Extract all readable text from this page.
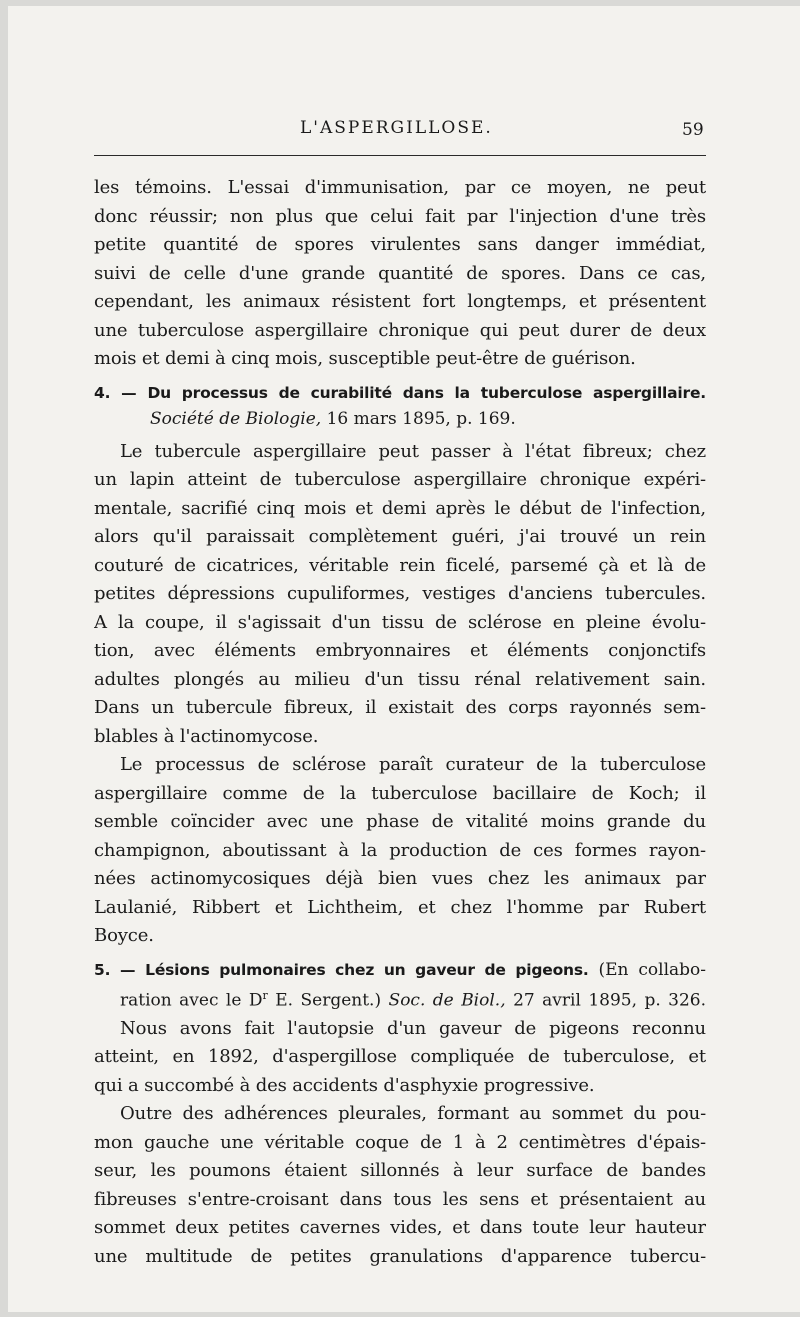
L'ASPERGILLOSE.	59
les témoins. L'essai d'immunisation, par ce moyen, ne peut
donc réussir; non plus que celui fait par l'injection d'une très
petite quantité de spores virulentes sans danger immédiat,
suivi de celle d'une grande quantité de spores. Dans ce cas,
cependant, les animaux résistent fort longtemps, et présentent
une tuberculose aspergillaire chronique qui peut durer de deux
mois et demi à cinq mois, susceptible peut-être de guérison.
4. — Du processus de curabilité dans la tuberculose aspergillaire.
Société de Biologie, 16 mars 1895, p. 169.
Le tubercule aspergillaire peut passer à l'état fibreux; chez
un lapin atteint de tuberculose aspergillaire chronique expéri-
mentale, sacrifié cinq mois et demi après le début de l'infection,
alors qu'il paraissait complètement guéri, j'ai trouvé un rein
couturé de cicatrices, véritable rein ficelé, parsemé çà et là de
petites dépressions cupuliformes, vestiges d'anciens tubercules.
A la coupe, il s'agissait d'un tissu de sclérose en pleine évolu-
tion, avec éléments embryonnaires et éléments conjonctifs
adultes plongés au milieu d'un tissu rénal relativement sain.
Dans un tubercule fibreux, il existait des corps rayonnés sem-
blables à l'actinomycose.
Le processus de sclérose paraît curateur de la tuberculose
aspergillaire comme de la tuberculose bacillaire de Koch; il
semble coïncider avec une phase de vitalité moins grande du
champignon, aboutissant à la production de ces formes rayon-
nées actinomycosiques déjà bien vues chez les animaux par
Laulanié, Ribbert et Lichtheim, et chez l'homme par Rubert
Boyce.
5. — Lésions pulmonaires chez un gaveur de pigeons. (En collabo-
ration avec le $D^r$ E. Sergent.) Soc. de Biol., 27 avril 1895, p. 326.
Nous avons fait l'autopsie d'un gaveur de pigeons reconnu
atteint, en 1892, d'aspergillose compliquée de tuberculose, et
qui a succombé à des accidents d'asphyxie progressive.
Outre des adhérences pleurales, formant au sommet du pou-
mon gauche une véritable coque de 1 à 2 centimètres d'épais-
seur, les poumons étaient sillonnés à leur surface de bandes
fibreuses s'entre-croisant dans tous les sens et présentaient au
sommet deux petites cavernes vides, et dans toute leur hauteur
une multitude de petites granulations d'apparence tubercu-
